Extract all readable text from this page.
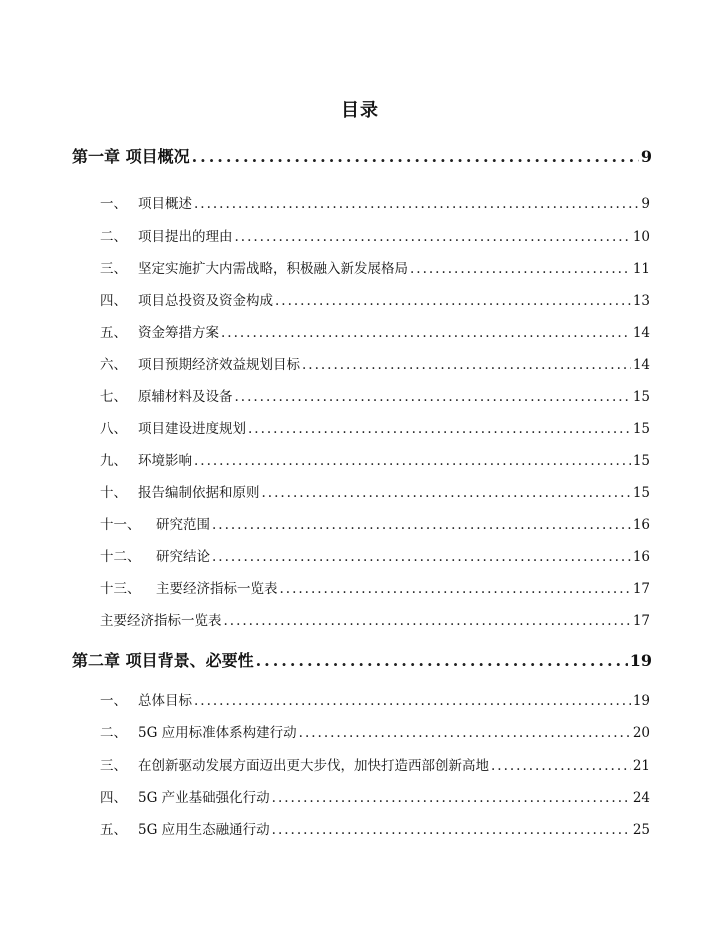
目录
第一章 项目概况 .....	9
一、 项目概述 .....	9
二、 项目提出的理由 .....	10
三、 坚定实施扩大内需战略，积极融入新发展格局 .....	11
四、 项目总投资及资金构成 .....	13
五、 资金筹措方案 .....	14
六、 项目预期经济效益规划目标 .....	14
七、 原辅材料及设备 .....	15
八、 项目建设进度规划 .....	15
九、 环境影响 .....	15
十、 报告编制依据和原则 .....	15
十一、 研究范围 .....	16
十二、 研究结论 .....	16
十三、 主要经济指标一览表 .....	17
主要经济指标一览表 .....	17
第二章 项目背景、必要性 .....	19
一、 总体目标 .....	19
二、 5G 应用标准体系构建行动 .....	20
三、 在创新驱动发展方面迈出更大步伐，加快打造西部创新高地 .....	21
四、 5G 产业基础强化行动 .....	24
五、 5G 应用生态融通行动 .....	25
